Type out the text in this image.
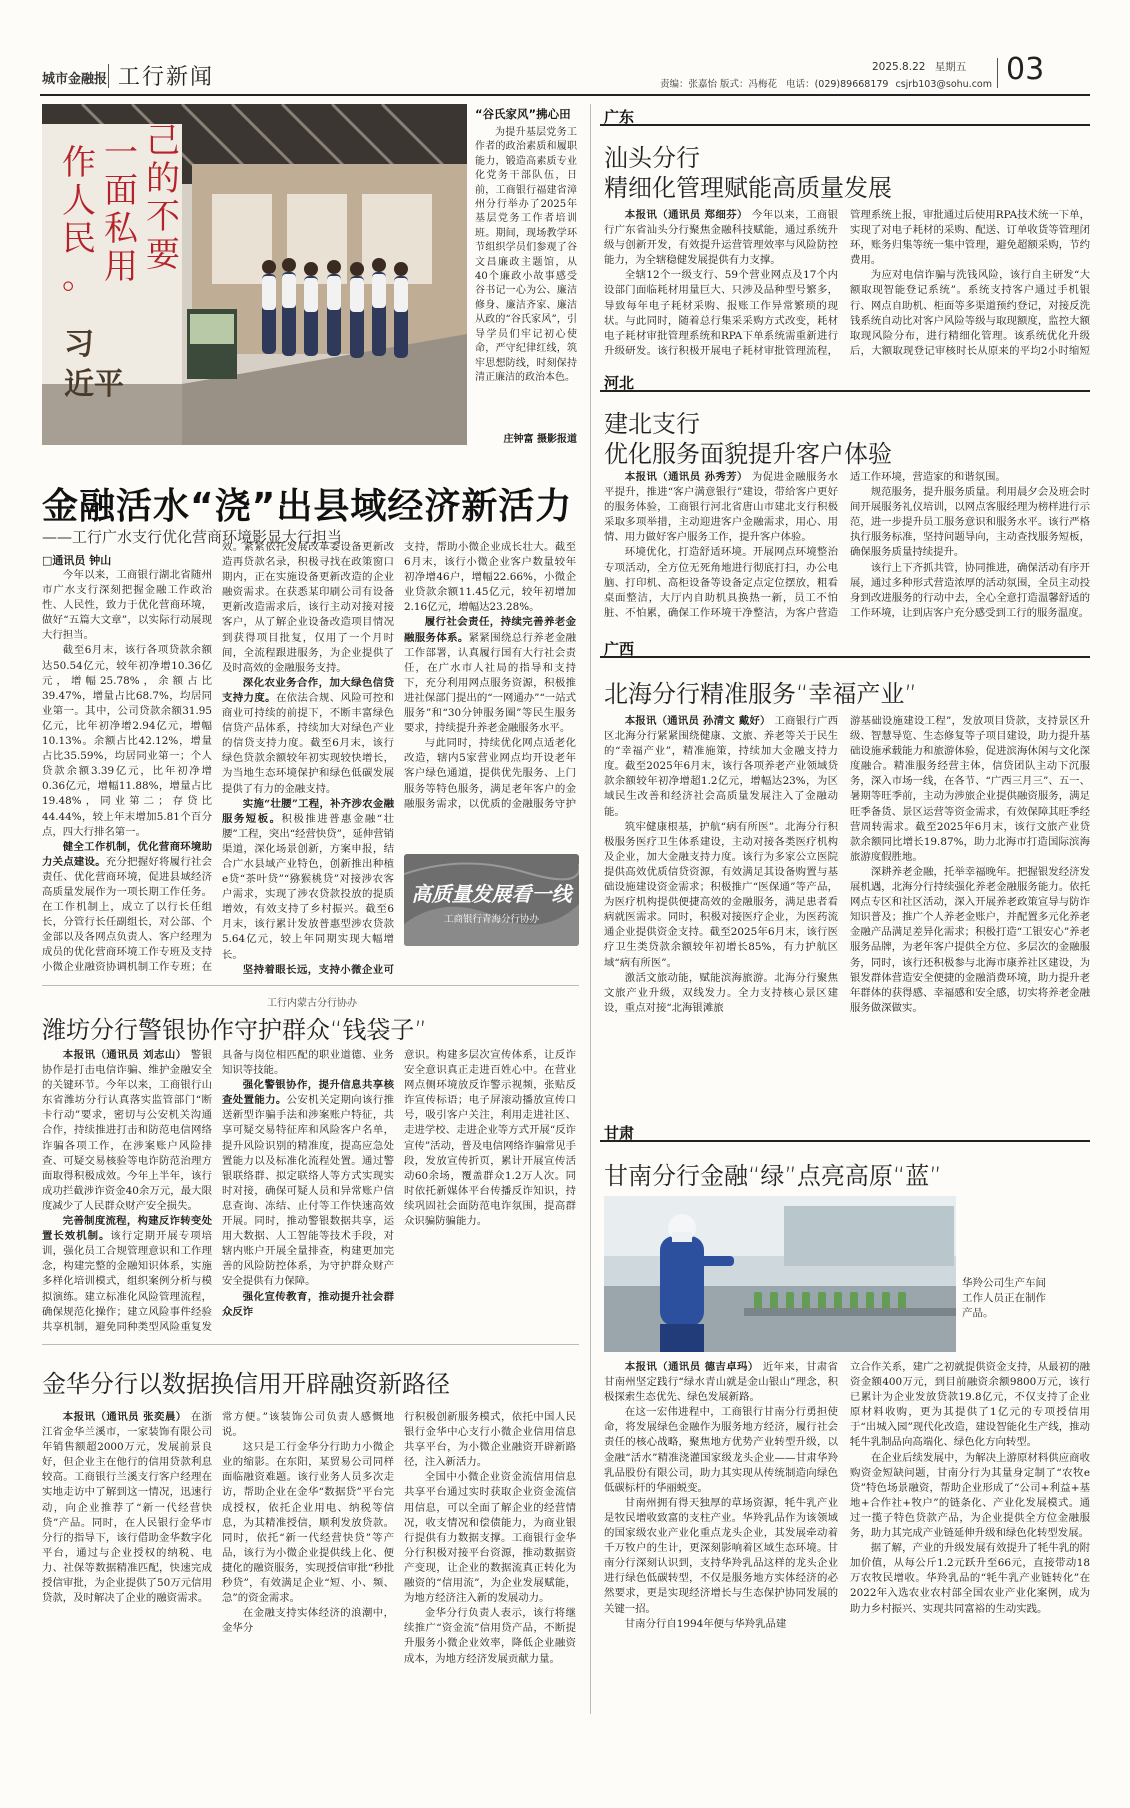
城市金融报 工行新闻	2025.8.22 星期五
责编：张嘉怡 版式：冯梅花 电话：(029)89668179 csjrb103@sohu.com 03
作
人
民
。
一
面
私
用
己
的
不
要
习
近平
“谷氏家风”拂心田
为提升基层党务工作者的政治素质和履职能力，锻造高素质专业化党务干部队伍，日前，工商银行福建省漳州分行举办了2025年基层党务工作者培训班。期间，现场教学环节组织学员们参观了谷文昌廉政主题馆，从40个廉政小故事感受谷书记一心为公、廉洁修身、廉洁齐家、廉洁从政的“谷氏家风”，引导学员们牢记初心使命，严守纪律红线，筑牢思想防线，时刻保持清正廉洁的政治本色。
庄钟富 摄影报道
金融活水“浇”出县域经济新活力
——工行广水支行优化营商环境影显大行担当
□通讯员 钟山

今年以来，工商银行湖北省随州市广水支行深刻把握金融工作政治性、人民性，致力于优化营商环境，做好“五篇大文章”，以实际行动展现大行担当。

截至6月末，该行各项贷款余额达50.54亿元，较年初净增10.36亿元，增幅25.78%，余额占比39.47%，增量占比68.7%，均居同业第一。其中，公司贷款余额31.95亿元，比年初净增2.94亿元，增幅10.13%。余额占比42.12%，增量占比35.59%，均居同业第一；个人贷款余额3.39亿元，比年初净增0.36亿元，增幅11.88%，增量占比19.48%，同业第二；存贷比44.44%，较上年末增加5.81个百分点，四大行排名第一。

健全工作机制，优化营商环境助力关点建设。充分把握好将履行社会责任、优化营商环境，促进县域经济高质量发展作为一项长期工作任务。在工作机制上，成立了以行长任组长，分管行长任副组长，对公部、个金部以及各网点负责人、客户经理为成员的优化营商环境工作专班及支持小微企业融资协调机制工作专班；在

效。紧紧依托发展改革委设备更新改造再贷款名录，积极寻找在政策窗口期内，正在实施设备更新改造的企业融资需求。在获悉某印刷公司有设备更新改造需求后，该行主动对接对接客户，从了解企业设备改造项目情况到获得项目批复，仅用了一个月时间，全流程跟进服务，为企业提供了及时高效的金融服务支持。

深化农业务合作，加大绿色信贷支持力度。在依法合规、风险可控和商业可持续的前提下，不断丰富绿色信贷产品体系，持续加大对绿色产业的信贷支持力度。截至6月末，该行绿色贷款余额较年初实现较快增长，为当地生态环境保护和绿色低碳发展提供了有力的金融支持。

实施“壮腰”工程，补齐涉农金融服务短板。积极推进普惠金融“壮腰”工程，突出“经营快贷”，延伸营销渠道，深化场景创新，方案申报，结合广水县域产业特色，创新推出种植e贷“茶叶贷”“猕猴桃贷”对接涉农客户需求，实现了涉农贷款投放的提质增效，有效支持了乡村振兴。截至6月末，该行累计发放普惠型涉农贷款5.64亿元，较上年同期实现大幅增长。

坚持着眼长远，支持小微企业可

支持，帮助小微企业成长壮大。截至6月末，该行小微企业客户数量较年初净增46户，增幅22.66%，小微企业贷款余额11.45亿元，较年初增加2.16亿元，增幅达23.28%。

履行社会责任，持续完善养老金融服务体系。紧紧围绕总行养老金融工作部署，认真履行国有大行社会责任，在广水市人社局的指导和支持下，充分利用网点服务资源，积极推进社保部门提出的“一网通办”“一站式服务”和“30分钟服务圈”等民生服务要求，持续提升养老金融服务水平。

与此同时，持续优化网点适老化改造，辖内5家营业网点均开设老年客户绿色通道，提供优先服务、上门服务等特色服务，满足老年客户的金融服务需求，以优质的金融服务守护

高质量发展看一线
工商银行青海分行协办
工行内蒙古分行协办
潍坊分行警银协作守护群众“钱袋子”

本报讯（通讯员 刘志山） 警银协作是打击电信诈骗、维护金融安全的关键环节。今年以来，工商银行山东省潍坊分行认真落实监管部门“断卡行动”要求，密切与公安机关沟通合作，持续推进打击和防范电信网络诈骗各项工作，在涉案账户风险排查、可疑交易核验等电诈防范治理方面取得积极成效。今年上半年，该行成功拦截涉诈资金40余万元，最大限度减少了人民群众财产安全损失。

完善制度流程，构建反诈转变处置长效机制。该行定期开展专项培训，强化员工合规管理意识和工作理念，构建完整的金融知识体系，实施多样化培训模式，组织案例分析与模拟演练。建立标准化风险管理流程，确保规范化操作；建立风险事件经验共享机制，避免同种类型风险重复发

具备与岗位相匹配的职业道德、业务知识等技能。

强化警银协作，提升信息共享核查处置能力。公安机关定期向该行推送新型诈骗手法和涉案账户特征，共享可疑交易特征库和风险客户名单，提升风险识别的精准度，提高应急处置能力以及标准化流程处置。通过警银联络群、拟定联络人等方式实现实时对接，确保可疑人员和异常账户信息查询、冻结、止付等工作快速高效开展。同时，推动警银数据共享，运用大数据、人工智能等技术手段，对辖内账户开展全量排查，构建更加完善的风险防控体系，为守护群众财产安全提供有力保障。

强化宣传教育，推动提升社会群众反诈

意识。构建多层次宣传体系，让反诈安全意识真正走进百姓心中。在营业网点侧环境放反诈警示视频，张贴反诈宣传标语；电子屏滚动播放宣传口号，吸引客户关注，利用走进社区、走进学校、走进企业等方式开展“反诈宣传”活动，普及电信网络诈骗常见手段，发放宣传折页，累计开展宣传活动60余场，覆盖群众1.2万人次。同时依托新媒体平台传播反诈知识，持续巩固社会面防范电诈氛围，提高群众识骗防骗能力。

金华分行以数据换信用开辟融资新路径

本报讯（通讯员 张奕晨） 在浙江省金华兰溪市，一家装饰有限公司年销售额超2000万元，发展前景良好，但企业主在他行的信用贷款利息较高。工商银行兰溪支行客户经理在实地走访中了解到这一情况，迅速行动，向企业推荐了“新一代经营快贷”产品。同时，在人民银行金华市分行的指导下，该行借助金华数字化平台，通过与企业授权的纳税、电力、社保等数据精准匹配，快速完成授信审批，为企业提供了50万元信用贷款，及时解决了企业的融资需求。

常方便。”该装饰公司负责人感慨地说。

这只是工行金华分行助力小微企业的缩影。在东阳，某贸易公司同样面临融资难题。该行业务人员多次走访，帮助企业在金华“数据贷”平台完成授权，依托企业用电、纳税等信息，为其精准授信，顺利发放贷款。同时，依托“新一代经营快贷”等产品，该行为小微企业提供线上化、便捷化的融资服务，实现授信审批“秒批秒贷”，有效满足企业“短、小、频、急”的资金需求。

在金融支持实体经济的浪潮中，金华分

行积极创新服务模式，依托中国人民银行金华中心支行小微企业信用信息共享平台，为小微企业融资开辟新路径，注入新活力。

全国中小微企业资金流信用信息共享平台通过实时获取企业资金流信用信息，可以全面了解企业的经营情况，收支情况和偿债能力，为商业银行提供有力数据支撑。工商银行金华分行积极对接平台资源，推动数据资产变现，让企业的数据流真正转化为融资的“信用流”，为企业发展赋能，为地方经济注入新的发展动力。

金华分行负责人表示，该行将继续推广“资金流”信用贷产品，不断提升服务小微企业效率，降低企业融资成本，为地方经济发展贡献力量。

广东
汕头分行
精细化管理赋能高质量发展

本报讯（通讯员 郑细芬） 今年以来，工商银行广东省汕头分行聚焦金融科技赋能，通过系统升级与创新开发，有效提升运营管理效率与风险防控能力，为全辖稳健发展提供有力支撑。

全辖12个一级支行、59个营业网点及17个内设部门面临耗材用量巨大、只涉及品种型号繁多，导致每年电子耗材采购、报账工作异常繁琐的现状。与此同时，随着总行集采采购方式改变，耗材电子耗材审批管理系统和RPA下单系统需重新进行升级研发。该行积极开展电子耗材审批管理流程，

管理系统上报，审批通过后使用RPA技术统一下单，实现了对电子耗材的采购、配送、订单收货等管理闭环，账务归集等统一集中管理，避免超额采购，节约费用。

为应对电信诈骗与洗钱风险，该行自主研发“大额取现智能登记系统”。系统支持客户通过手机银行、网点自助机、柜面等多渠道预约登记，对接反洗钱系统自动比对客户风险等级与取现额度，监控大额取现风险分布，进行精细化管理。该系统优化升级后，大额取现登记审核时长从原来的平均2小时缩短

河北
建北支行
优化服务面貌提升客户体验

本报讯（通讯员 孙秀芳） 为促进金融服务水平提升，推进“客户满意银行”建设，带给客户更好的服务体验，工商银行河北省唐山市建北支行积极采取多项举措，主动迎进客户金融需求，用心、用情、用力做好客户服务工作，提升客户体验。

环境优化，打造舒适环境。开展网点环境整治专项活动，全方位无死角地进行彻底打扫，办公电脑、打印机、高柜设备等设备定点定位摆放，粗看桌面整洁，大厅内自助机具换热一新，员工不怕脏、不怕累，确保工作环境干净整洁，为客户营造

适工作环境，营造家的和谐氛围。

规范服务，提升服务质量。利用晨夕会及班会时间开展服务礼仪培训，以网点客服经理为榜样进行示范，进一步提升员工服务意识和服务水平。该行严格执行服务标准，坚持问题导向，主动查找服务短板，确保服务质量持续提升。

该行上下齐抓共管，协同推进，确保活动有序开展，通过多种形式营造浓厚的活动氛围，全员主动投身到改进服务的行动中去，全心全意打造温馨舒适的工作环境，让到店客户充分感受到工行的服务温度。

广西
北海分行精准服务“幸福产业”

本报讯（通讯员 孙清文 戴好） 工商银行广西区北海分行紧紧围绕健康、文旅、养老等关于民生的“幸福产业”，精准施策，持续加大金融支持力度。截至2025年6月末，该行各项养老产业领域贷款余额较年初净增超1.2亿元，增幅达23%，为区域民生改善和经济社会高质量发展注入了金融动能。

筑牢健康根基，护航“病有所医”。北海分行积极服务医疗卫生体系建设，主动对接各类医疗机构及企业，加大金融支持力度。该行为多家公立医院提供高效优质信贷资源，有效满足其设备购置与基础设施建设资金需求；积极推广“医保通”等产品，为医疗机构提供便捷高效的金融服务，满足患者看病就医需求。同时，积极对接医疗企业，为医药流通企业提供资金支持。截至2025年6月末，该行医疗卫生类贷款余额较年初增长85%，有力护航区域“病有所医”。

激活文旅动能，赋能滨海旅游。北海分行聚焦文旅产业升级，双线发力。全力支持核心景区建设，重点对接“北海银滩旅

游基础设施建设工程”，发放项目贷款，支持景区升级、智慧导览、生态修复等子项目建设，助力提升基础设施承载能力和旅游体验，促进滨海休闲与文化深度融合。精准服务经营主体，信贷团队主动下沉服务，深入市场一线，在各节、“广西三月三”、五一、暑期等旺季前，主动为涉旅企业提供融资服务，满足旺季备货、景区运营等资金需求，有效保障其旺季经营周转需求。截至2025年6月末，该行文旅产业贷款余额同比增长19.87%，助力北海市打造国际滨海旅游度假胜地。

深耕养老金融，托举幸福晚年。把握银发经济发展机遇，北海分行持续强化养老金融服务能力。依托网点专区和社区活动，深入开展养老政策宣导与防诈知识普及；推广个人养老金账户，并配置多元化养老金融产品满足差异化需求；积极打造“工银安心”养老服务品牌，为老年客户提供全方位、多层次的金融服务，同时，该行还积极参与北海市康养社区建设，为银发群体营造安全便捷的金融消费环境，助力提升老年群体的获得感、幸福感和安全感，切实将养老金融服务做深做实。

甘肃
甘南分行金融“绿”点亮高原“蓝”
华羚公司生产车间工作人员正在制作产品。

本报讯（通讯员 德吉卓玛） 近年来，甘肃省甘南州坚定践行“绿水青山就是金山银山”理念，积极探索生态优先、绿色发展新路。

在这一宏伟进程中，工商银行甘南分行勇担使命，将发展绿色金融作为服务地方经济，履行社会责任的核心战略，聚焦地方优势产业转型升级，以金融“活水”精准浇灌国家级龙头企业——甘肃华羚乳品股份有限公司，助力其实现从传统制造向绿色低碳标杆的华丽蜕变。

甘南州拥有得天独厚的草场资源，牦牛乳产业是牧民增收致富的支柱产业。华羚乳品作为该领域的国家级农业产业化重点龙头企业，其发展牵动着千万牧户的生计，更深刻影响着区域生态环境。甘南分行深刻认识到，支持华羚乳品这样的龙头企业进行绿色低碳转型，不仅是服务地方实体经济的必然要求，更是实现经济增长与生态保护协同发展的关键一招。

甘南分行自1994年便与华羚乳品建

立合作关系，建广之初就提供资金支持，从最初的融资金额400万元，到目前融资余额9800万元，该行已累计为企业发放贷款19.8亿元，不仅支持了企业原材料收购，更为其提供了1亿元的专项授信用于“出城入园”现代化改造，建设智能化生产线，推动牦牛乳制品向高端化、绿色化方向转型。

在企业后续发展中，为解决上游原材料供应商收购资金短缺问题，甘南分行为其量身定制了“农牧e贷”特色场景融资，帮助企业形成了“公司+利益+基地+合作社+牧户”的链条化、产业化发展模式。通过一揽子特色贷款产品，为企业提供全方位金融服务，助力其完成产业链延伸升级和绿色化转型发展。

据了解，产业的升级发展有效提升了牦牛乳的附加价值，从每公斤1.2元跃升至66元，直接带动18万农牧民增收。华羚乳品的“牦牛乳产业链转化”在2022年入选农业农村部全国农业产业化案例，成为助力乡村振兴、实现共同富裕的生动实践。
